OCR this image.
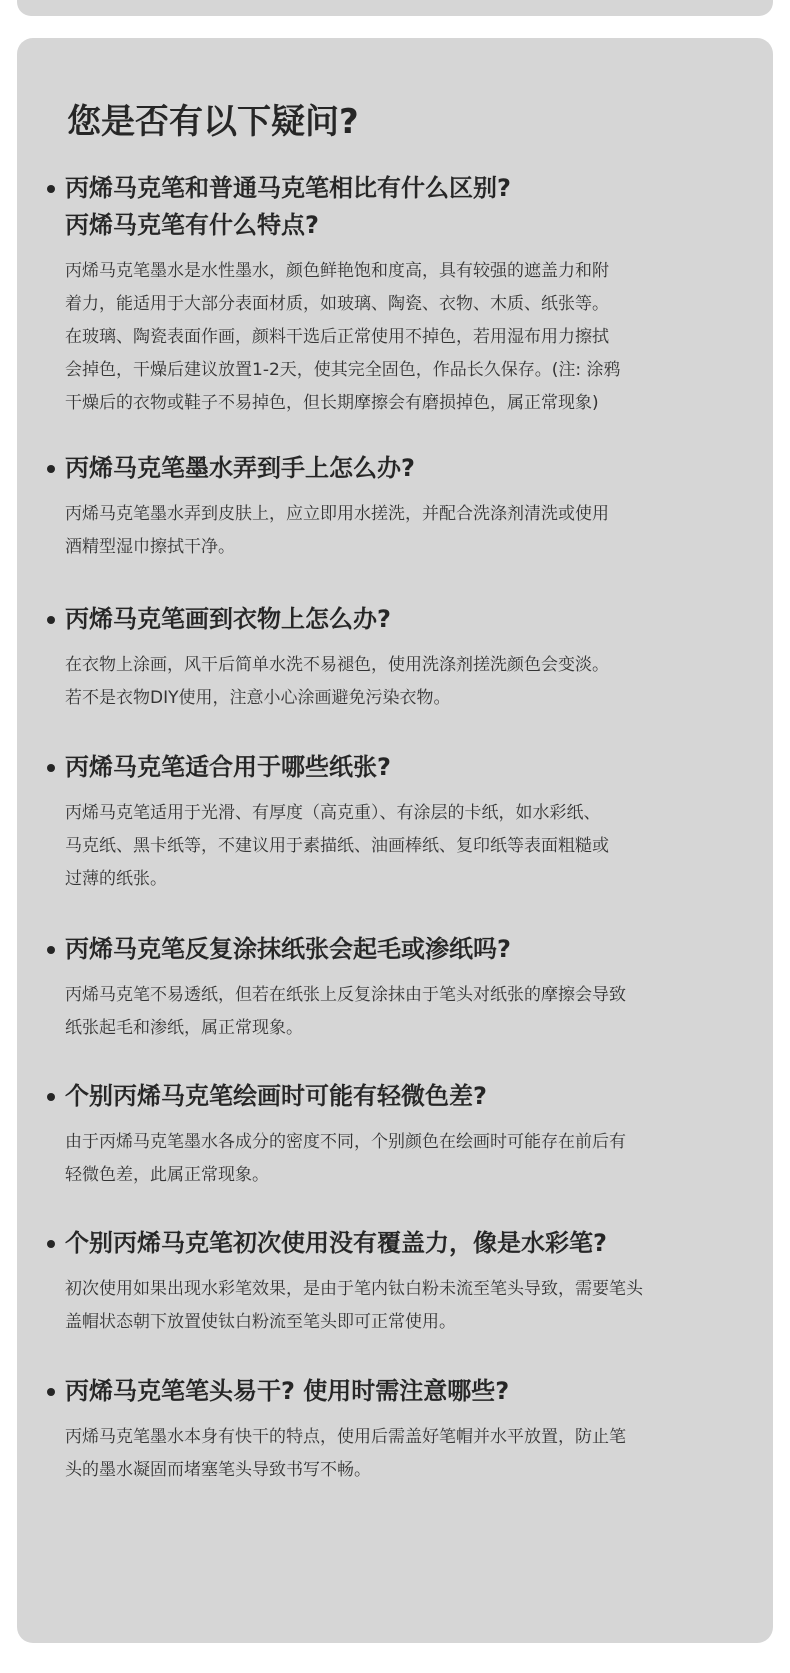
您是否有以下疑问?
丙烯马克笔和普通马克笔相比有什么区别?
丙烯马克笔有什么特点?
丙烯马克笔墨水是水性墨水，颜色鲜艳饱和度高，具有较强的遮盖力和附
着力，能适用于大部分表面材质，如玻璃、陶瓷、衣物、木质、纸张等。
在玻璃、陶瓷表面作画，颜料干选后正常使用不掉色，若用湿布用力擦拭
会掉色，干燥后建议放置1-2天，使其完全固色，作品长久保存。(注: 涂鸦
干燥后的衣物或鞋子不易掉色，但长期摩擦会有磨损掉色，属正常现象)
丙烯马克笔墨水弄到手上怎么办?
丙烯马克笔墨水弄到皮肤上，应立即用水搓洗，并配合洗涤剂清洗或使用
酒精型湿巾擦拭干净。
丙烯马克笔画到衣物上怎么办?
在衣物上涂画，风干后简单水洗不易褪色，使用洗涤剂搓洗颜色会变淡。
若不是衣物DIY使用，注意小心涂画避免污染衣物。
丙烯马克笔适合用于哪些纸张?
丙烯马克笔适用于光滑、有厚度（高克重）、有涂层的卡纸，如水彩纸、
马克纸、黑卡纸等，不建议用于素描纸、油画棒纸、复印纸等表面粗糙或
过薄的纸张。
丙烯马克笔反复涂抹纸张会起毛或渗纸吗?
丙烯马克笔不易透纸，但若在纸张上反复涂抹由于笔头对纸张的摩擦会导致
纸张起毛和渗纸，属正常现象。
个别丙烯马克笔绘画时可能有轻微色差?
由于丙烯马克笔墨水各成分的密度不同，个别颜色在绘画时可能存在前后有
轻微色差，此属正常现象。
个别丙烯马克笔初次使用没有覆盖力，像是水彩笔?
初次使用如果出现水彩笔效果，是由于笔内钛白粉未流至笔头导致，需要笔头
盖帽状态朝下放置使钛白粉流至笔头即可正常使用。
丙烯马克笔笔头易干? 使用时需注意哪些?
丙烯马克笔墨水本身有快干的特点，使用后需盖好笔帽并水平放置，防止笔
头的墨水凝固而堵塞笔头导致书写不畅。
